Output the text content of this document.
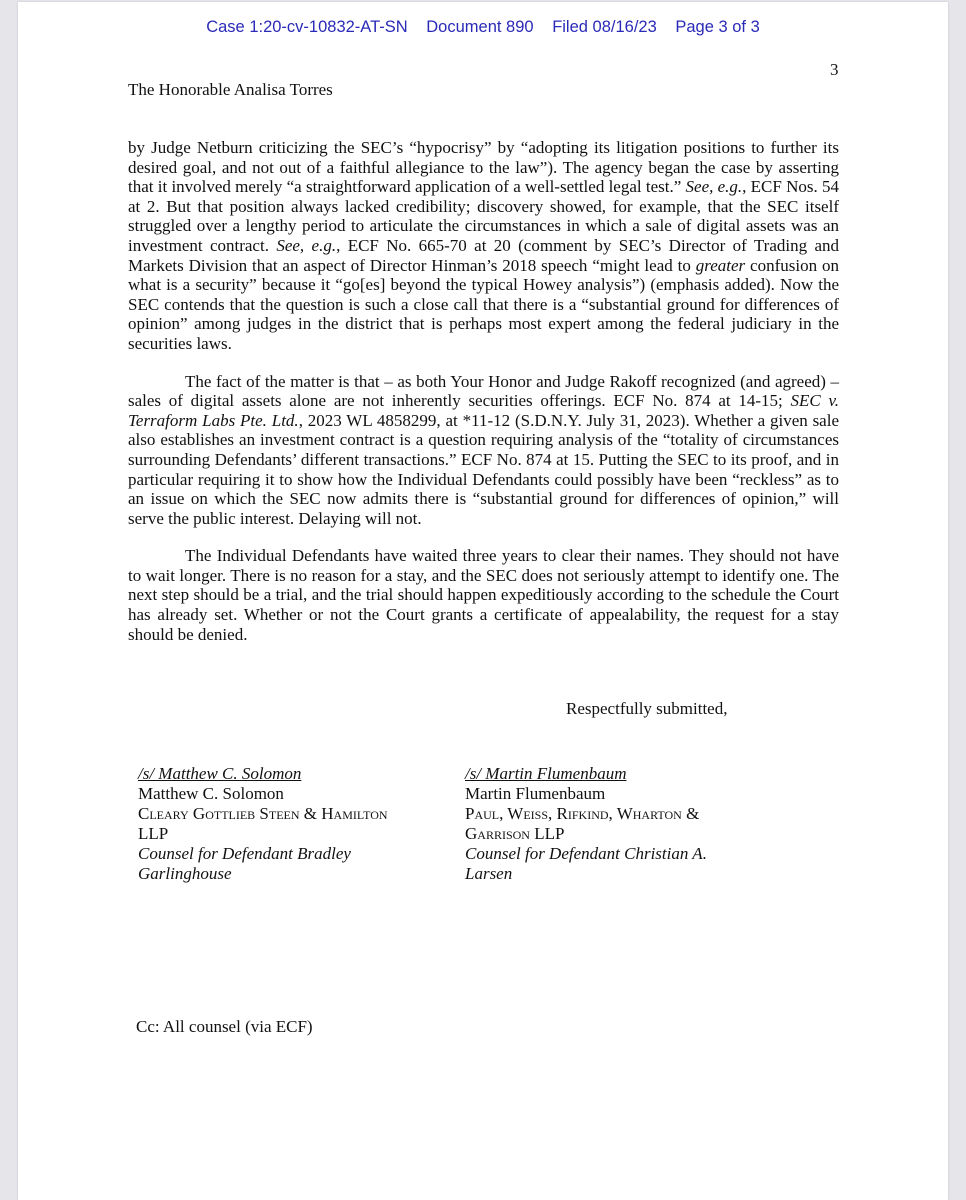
Case 1:20-cv-10832-AT-SN Document 890 Filed 08/16/23 Page 3 of 3
3
The Honorable Analisa Torres

by Judge Netburn criticizing the SEC’s “hypocrisy” by “adopting its litigation positions to further its desired goal, and not out of a faithful allegiance to the law”). The agency began the case by asserting that it involved merely “a straightforward application of a well-settled legal test.” See, e.g., ECF Nos. 54 at 2. But that position always lacked credibility; discovery showed, for example, that the SEC itself struggled over a lengthy period to articulate the circumstances in which a sale of digital assets was an investment contract. See, e.g., ECF No. 665-70 at 20 (comment by SEC’s Director of Trading and Markets Division that an aspect of Director Hinman’s 2018 speech “might lead to greater confusion on what is a security” because it “go[es] beyond the typical Howey analysis”) (emphasis added). Now the SEC contends that the question is such a close call that there is a “substantial ground for differences of opinion” among judges in the district that is perhaps most expert among the federal judiciary in the securities laws.

The fact of the matter is that – as both Your Honor and Judge Rakoff recognized (and agreed) – sales of digital assets alone are not inherently securities offerings. ECF No. 874 at 14-15; SEC v. Terraform Labs Pte. Ltd., 2023 WL 4858299, at *11-12 (S.D.N.Y. July 31, 2023). Whether a given sale also establishes an investment contract is a question requiring analysis of the “totality of circumstances surrounding Defendants’ different transactions.” ECF No. 874 at 15. Putting the SEC to its proof, and in particular requiring it to show how the Individual Defendants could possibly have been “reckless” as to an issue on which the SEC now admits there is “substantial ground for differences of opinion,” will serve the public interest. Delaying will not.

The Individual Defendants have waited three years to clear their names. They should not have to wait longer. There is no reason for a stay, and the SEC does not seriously attempt to identify one. The next step should be a trial, and the trial should happen expeditiously according to the schedule the Court has already set. Whether or not the Court grants a certificate of appealability, the request for a stay should be denied.

Respectfully submitted,
/s/ Matthew C. Solomon
Matthew C. Solomon
Cleary Gottlieb Steen & Hamilton
LLP
Counsel for Defendant Bradley
Garlinghouse
/s/ Martin Flumenbaum
Martin Flumenbaum
Paul, Weiss, Rifkind, Wharton &
Garrison LLP
Counsel for Defendant Christian A.
Larsen
Cc: All counsel (via ECF)
